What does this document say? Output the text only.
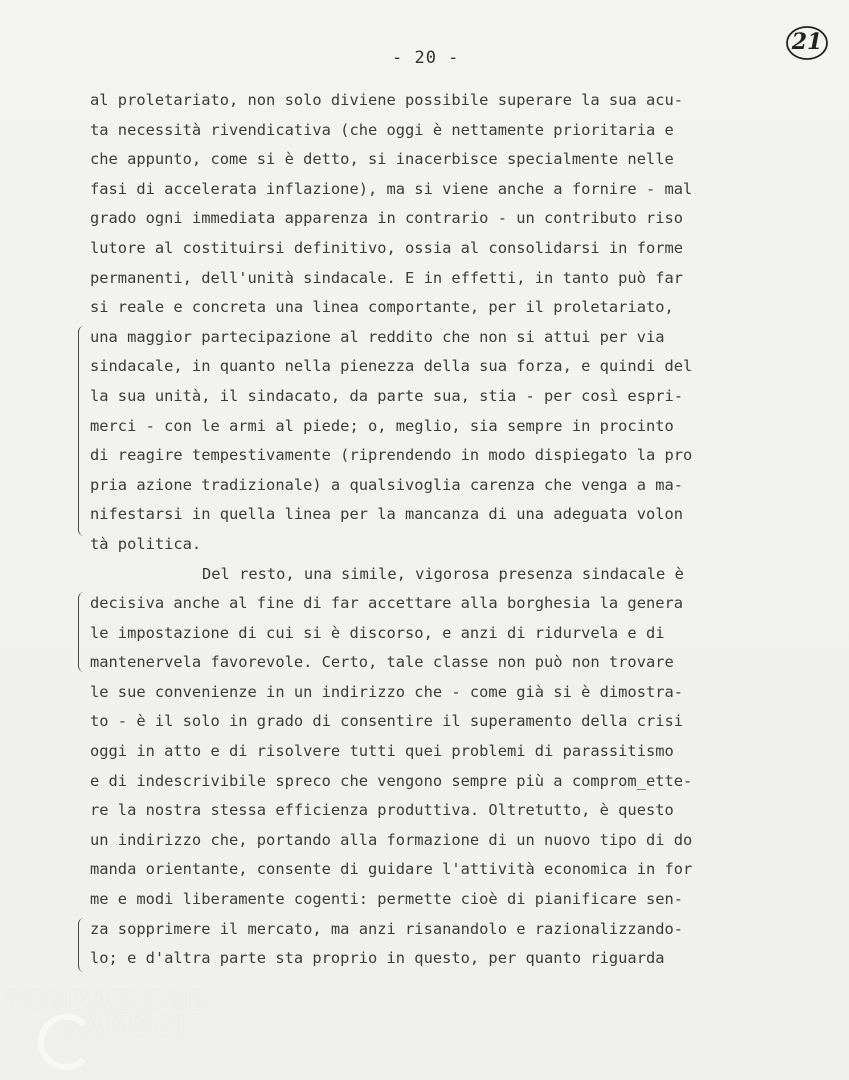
- 20 -
21
al proletariato, non solo diviene possibile superare la sua acu-
ta necessità rivendicativa (che oggi è nettamente prioritaria e
che appunto, come si è detto, si inacerbisce specialmente nelle
fasi di accelerata inflazione), ma si viene anche a fornire - mal
grado ogni immediata apparenza in contrario - un contributo riso
lutore al costituirsi definitivo, ossia al consolidarsi in forme
permanenti, dell'unità sindacale. E in effetti, in tanto può far
si reale e concreta una linea comportante, per il proletariato,
una maggior partecipazione al reddito che non si attui per via
sindacale, in quanto nella pienezza della sua forza, e quindi del
la sua unità, il sindacato, da parte sua, stia - per così espri-
merci - con le armi al piede; o, meglio, sia sempre in procinto
di reagire tempestivamente (riprendendo in modo dispiegato la pro
pria azione tradizionale) a qualsivoglia carenza che venga a ma-
nifestarsi in quella linea per la mancanza di una adeguata volon
tà politica.
Del resto, una simile, vigorosa presenza sindacale è
decisiva anche al fine di far accettare alla borghesia la genera
le impostazione di cui si è discorso, e anzi di ridurvela e di
mantenervela favorevole. Certo, tale classe non può non trovare
le sue convenienze in un indirizzo che - come già si è dimostra-
to - è il solo in grado di consentire il superamento della crisi
oggi in atto e di risolvere tutti quei problemi di parassitismo
e di indescrivibile spreco che vengono sempre più a comprom̲ette-
re la nostra stessa efficienza produttiva. Oltretutto, è questo
un indirizzo che, portando alla formazione di un nuovo tipo di do
manda orientante, consente di guidare l'attività economica in for
me e modi liberamente cogenti: permette cioè di pianificare sen-
za sopprimere il mercato, ma anzi risanandolo e razionalizzando-
lo; e d'altra parte sta proprio in questo, per quanto riguarda
FONDAZIONE
RAMSCI
